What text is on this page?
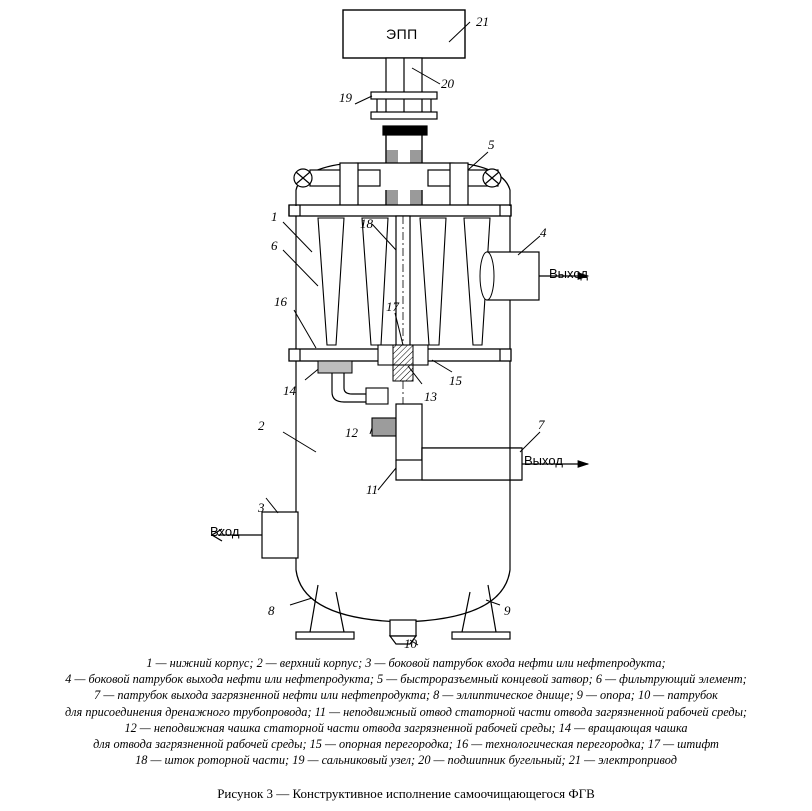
ЭПП
Выход
Выход
Вход
21
20
19
5
1	18
6
4
16	17
15
14	13
12
2	7
11
3
8	9
10
1 — нижний корпус; 2 — верхний корпус; 3 — боковой патрубок входа нефти или нефтепродукта;
4 — боковой патрубок выхода нефти или нефтепродукта; 5 — быстроразъемный концевой затвор; 6 — фильтрующий элемент;
7 — патрубок выхода загрязненной нефти или нефтепродукта; 8 — эллиптическое днище; 9 — опора; 10 — патрубок
для присоединения дренажного трубопровода; 11 — неподвижный отвод статорной части отвода загрязненной рабочей среды;
12 — неподвижная чашка статорной части отвода загрязненной рабочей среды; 14 — вращающая чашка
для отвода загрязненной рабочей среды; 15 — опорная перегородка; 16 — технологическая перегородка; 17 — штифт
18 — шток роторной части; 19 — сальниковый узел; 20 — подшипник бугельный; 21 — электропривод
Рисунок 3 — Конструктивное исполнение самоочищающегося ФГВ
